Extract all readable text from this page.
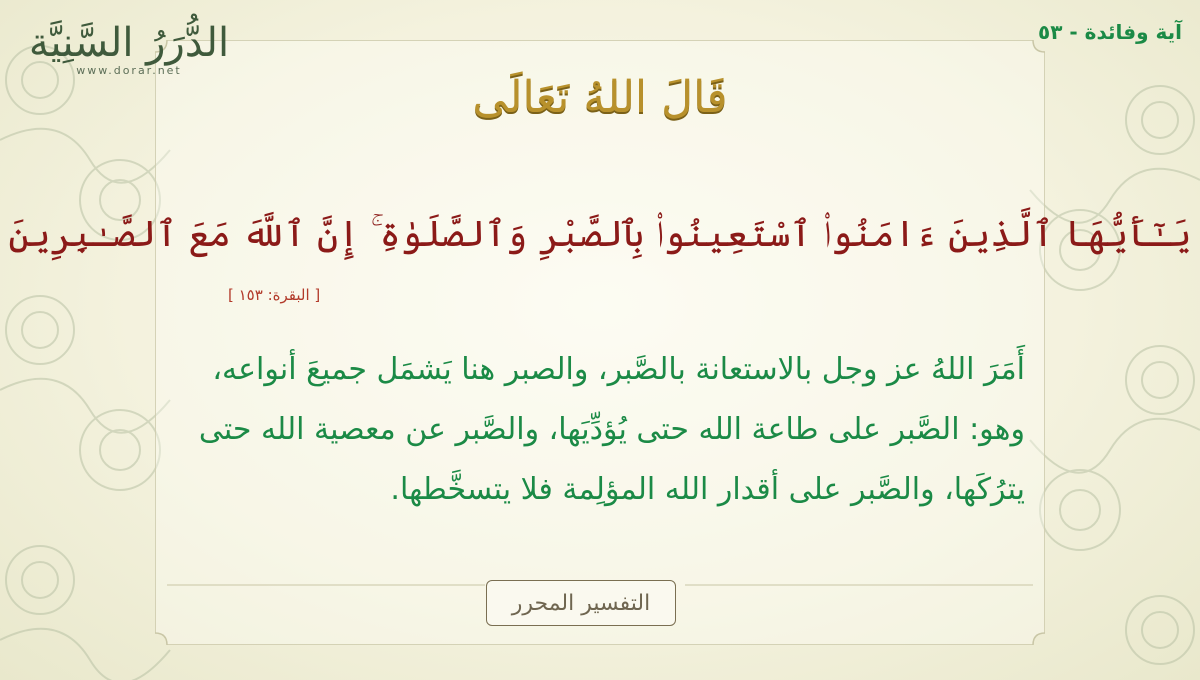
الدُّرَرُ السَّنِيَّة
www.dorar.net
آية وفائدة - ٥٣
قَالَ اللهُ تَعَالَى
يَـٰٓأَيُّهَا ٱلَّذِينَ ءَامَنُوا۟ ٱسْتَعِينُوا۟ بِٱلصَّبْرِ وَٱلصَّلَوٰةِ ۚ إِنَّ ٱللَّهَ مَعَ ٱلصَّـٰبِرِينَ
[ البقرة: ١٥٣ ]

أَمَرَ اللهُ عز وجل بالاستعانة بالصَّبر، والصبر هنا يَشمَل جميعَ أنواعه،

وهو: الصَّبر على طاعة الله حتى يُؤدِّيَها، والصَّبر عن معصية الله حتى

يترُكَها، والصَّبر على أقدار الله المؤلِمة فلا يتسخَّطها.

التفسير المحرر
